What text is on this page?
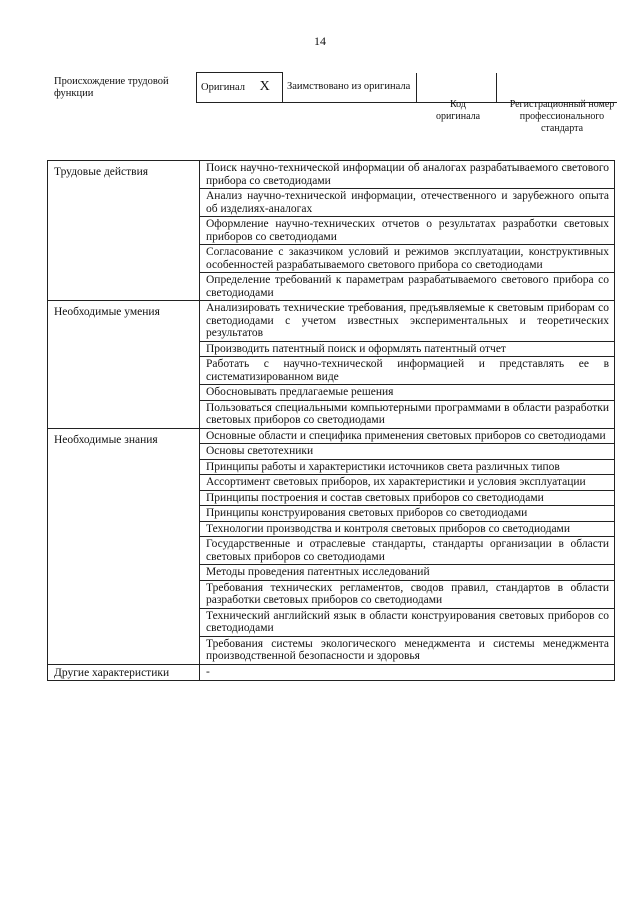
14
Происхождение трудовой функции
Оригинал X	Заимствовано из оригинала		
Код оригинала
Регистрационный номер профессионального стандарта
Трудовые действия	Поиск научно-технической информации об аналогах разрабатываемого светового прибора со светодиодами
	Анализ научно-технической информации, отечественного и зарубежного опыта об изделиях-аналогах
	Оформление научно-технических отчетов о результатах разработки световых приборов со светодиодами
	Согласование с заказчиком условий и режимов эксплуатации, конструктивных особенностей разрабатываемого светового прибора со светодиодами
	Определение требований к параметрам разрабатываемого светового прибора со светодиодами
Необходимые умения	Анализировать технические требования, предъявляемые к световым приборам со светодиодами с учетом известных экспериментальных и теоретических результатов
	Производить патентный поиск и оформлять патентный отчет
	Работать с научно-технической информацией и представлять ее в систематизированном виде
	Обосновывать предлагаемые решения
	Пользоваться специальными компьютерными программами в области разработки световых приборов со светодиодами
Необходимые знания	Основные области и специфика применения световых приборов со светодиодами
	Основы светотехники
	Принципы работы и характеристики источников света различных типов
	Ассортимент световых приборов, их характеристики и условия эксплуатации
	Принципы построения и состав световых приборов со светодиодами
	Принципы конструирования световых приборов со светодиодами
	Технологии производства и контроля световых приборов со светодиодами
	Государственные и отраслевые стандарты, стандарты организации в области световых приборов со светодиодами
	Методы проведения патентных исследований
	Требования технических регламентов, сводов правил, стандартов в области разработки световых приборов со светодиодами
	Технический английский язык в области конструирования световых приборов со светодиодами
	Требования системы экологического менеджмента и системы менеджмента производственной безопасности и здоровья
Другие характеристики	-
